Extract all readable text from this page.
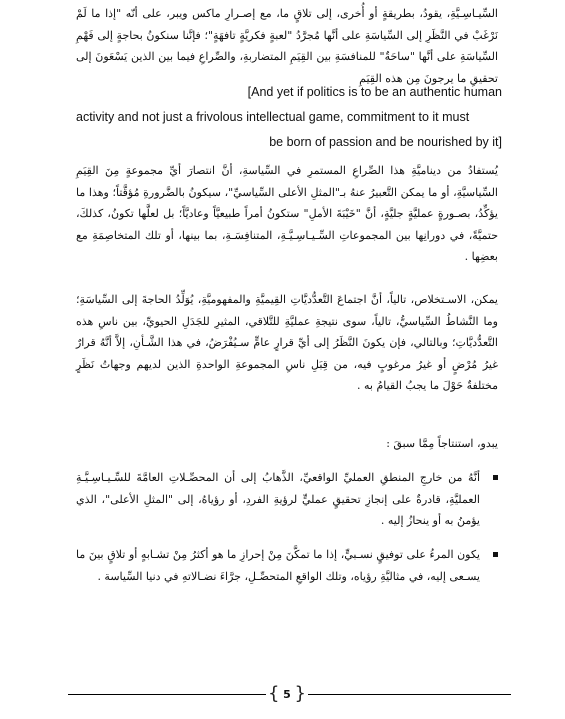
السِّيـاسِـيَّةِ، يقودُ، بطريقةٍ أو أُخرى، إلى تلاقٍ ما، مع إصـرارِ ماكس ويبر، على أنّه "إذا ما لَمْ نَرْغَبْ في النَّظَرِ إلى السِّياسَةِ على أنَّها مُجرَّدُ "لعبةٍ فكريَّةٍ تافهَةٍ"؛ فإنَّنا سنكونُ بحاجةٍ إلى فَهْمِ السِّياسَةِ على أنَّها "ساحَةٌ" للمنافسَةِ بين القِيَمِ المتضاربةِ، والصِّراعِ فيما بين الذين يَسْعَونَ إلى تحقيقِ ما يرجونَ مِن هذه القِيَمِ

[And yet if politics is to be an authentic human
activity and not just a frivolous intellectual game, commitment to it must
be born of passion and be nourished by it]

يُستفادُ من ديناميَّةِ هذا الصِّراعِ المستمرِ في السِّياسةِ، أنَّ انتصارَ أيِّ مجموعةٍ مِنَ القِيَمِ السِّياسيَّةِ، أو ما يمكن التَّعبيرُ عنهُ بـ"المثلِ الأعلى السِّياسيِّ"، سيكونُ بالضَّرورةِ مُؤقَّتاً؛ وهذا ما يؤكِّدُ، بصـورةٍ عمليَّةٍ جليَّةٍ، أنَّ "خَيْبَةَ الأملِ" ستكونُ أمراً طبيعيَّاً وعاديَّاً؛ بل لعلَّها تكونُ، كذلكَ، حتميَّةً، في دورانِها بين المجموعاتِ السِّـيـاسِـيَّـةِ، المتنافِسَـةِ، بما بينها، أو تلك المتخاصِمَةِ مع بعضِها .

يمكن، الاسـتخلاص، تالياً، أنَّ اجتماعَ التَّعدُّديَّاتِ القِيميَّةِ والمفهوميَّةِ، يُوَلِّدُ الحاجةَ إلى السِّياسَةِ؛ وما النَّشاطُ السِّياسيُّ، تالياً، سوى نتيجةِ عمليَّةِ للتَّلاقي، المثيرِ للجَدَلِ الحيويِّ، بين ناسِ هذه التَّعدُّديَّاتِ؛ وبالتالي، فإن يكونَ النَّظَرُ إلى أيِّ قرارٍ عامٍّ سـيُفْرَضُ، في هذا الشَّـأنِ، إلاَّ أنَّهُ قرارٌ غيرُ مُرْضٍ أو غيرُ مرغوبٍ فيه، من قِبَلِ ناسِ المجموعةِ الواحدةِ الذين لديهم وجهاتُ نَظَرٍ مختلفةٌ حَوْلَ ما يجبُ القيامُ به .

يبدو، استنتاجاً مِمَّا سبقَ :

أنَّهُ من خارجِ المنطقِ العمليِّ الواقعيِّ، الذَّهابُ إلى أن المحصِّـلاتِ العامَّةَ للسِّـيـاسِـيَّـةِ العمليَّةِ، قادرةٌ على إنجازِ تحقيقٍ عمليٍّ لرؤيةِ الفردِ، أو رؤياهُ، إلى "المثلِ الأعلى"، الذي يؤمنُ به أو ينحازُ إليه .
يكون المرءُ على توفيقٍ نسـبيٍّ، إذا ما تمكَّنَ مِنْ إحرازِ ما هو أكثرُ مِنْ تشـابهٍ أو تلاقٍ بينَ ما يسـعى إليه، في مثاليَّةِ رؤياه، وتلك الواقعِ المتحصِّـلِ، جرَّاءَ نضـالاتهِ في دنيا السِّياسة .
{ 5 }
